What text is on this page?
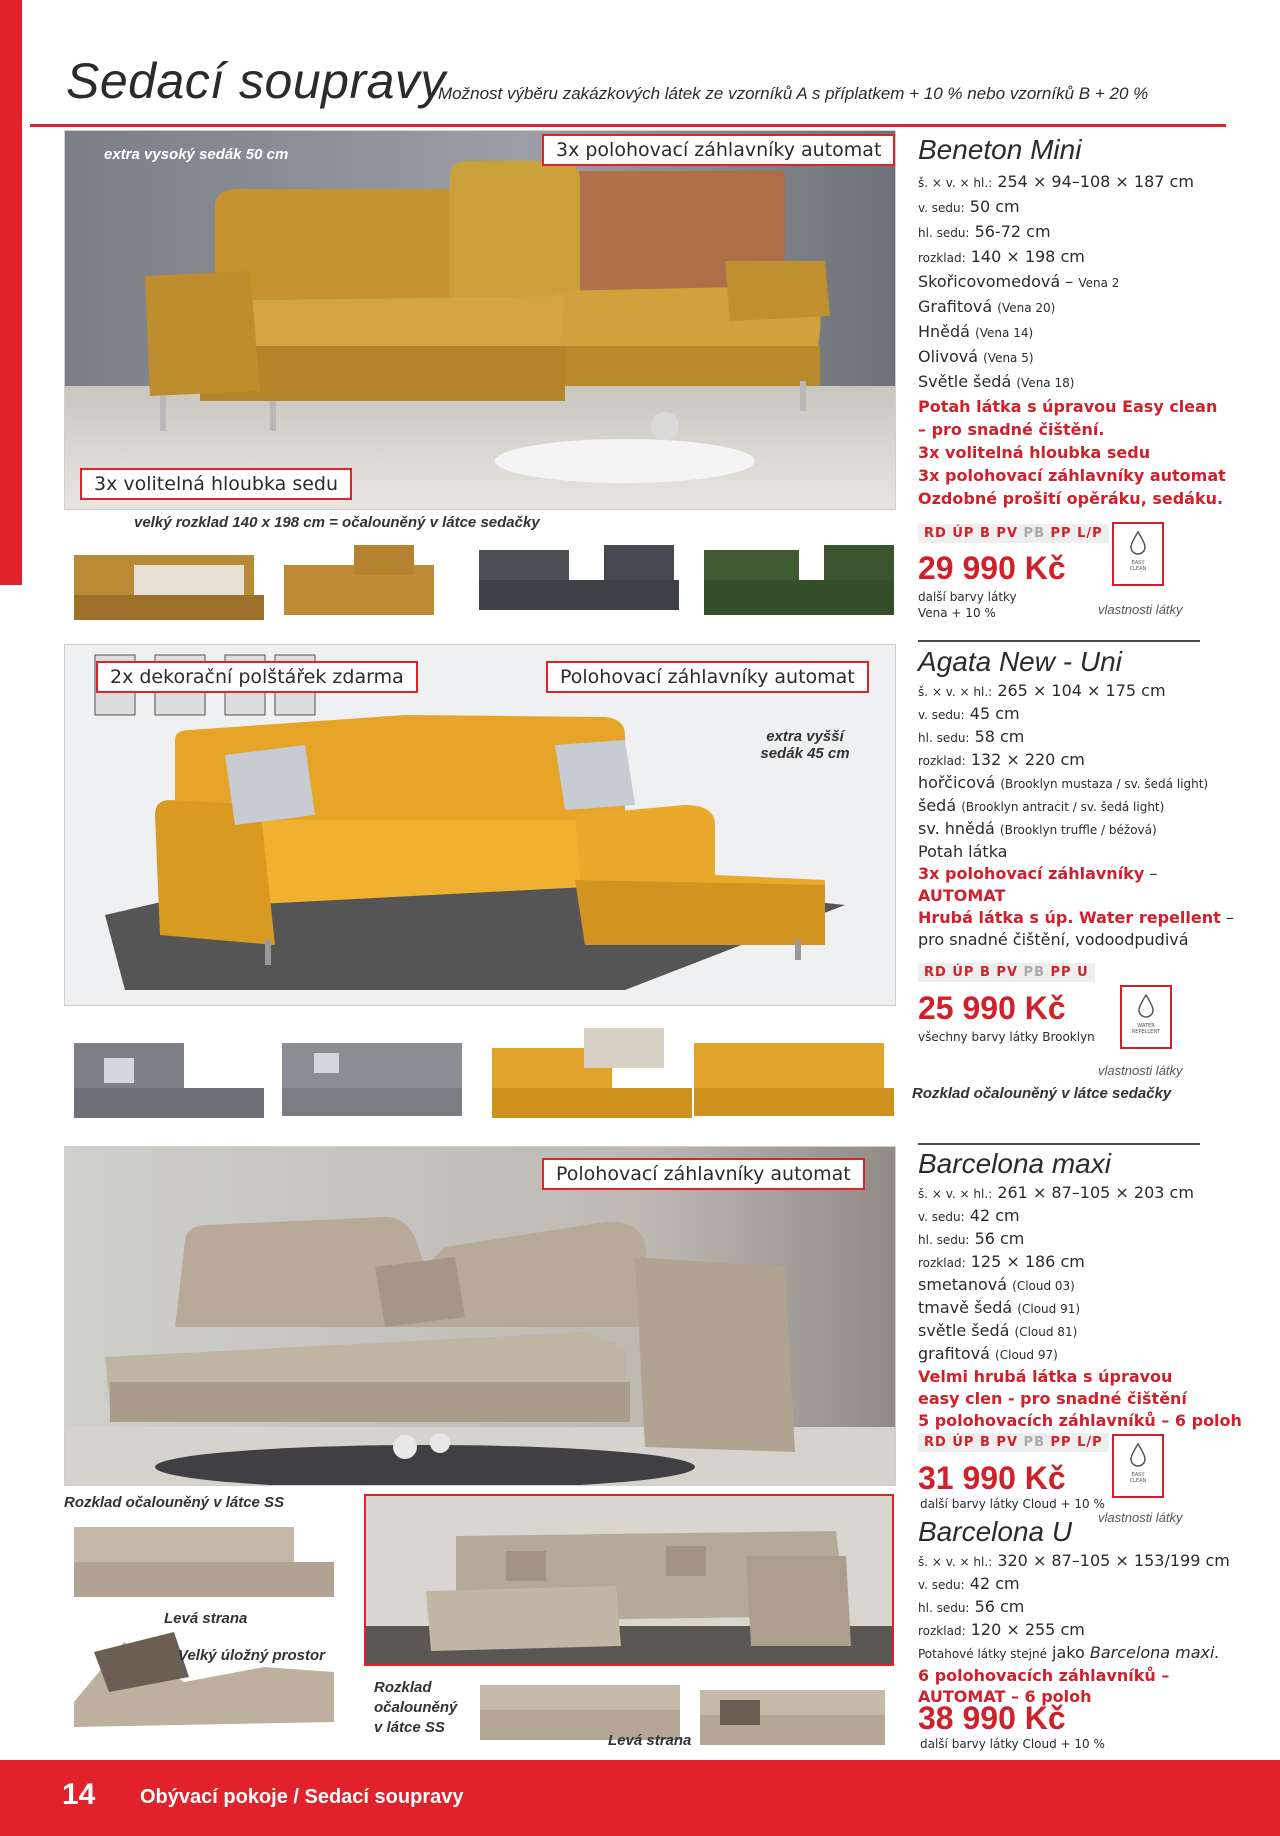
Sedací soupravy
Možnost výběru zakázkových látek ze vzorníků A s příplatkem + 10 % nebo vzorníků B + 20 %
3x polohovací záhlavníky automat
3x volitelná hloubka sedu
extra vysoký sedák 50 cm
velký rozklad 140 x 198 cm = očalouněný v látce sedačky
Beneton Mini
š. × v. × hl.: 254 × 94–108 × 187 cm
v. sedu: 50 cm
hl. sedu: 56-72 cm
rozklad: 140 × 198 cm
Skořicovomedová – Vena 2
Grafitová (Vena 20)
Hnědá (Vena 14)
Olivová (Vena 5)
Světle šedá (Vena 18)
Potah látka s úpravou Easy clean
– pro snadné čištění.
3x volitelná hloubka sedu
3x polohovací záhlavníky automat
Ozdobné prošití opěráku, sedáku.
RD ÚP B PV PB PP L/P
29 990 Kč
další barvy látky
Vena + 10 %
EASY
CLEAN
vlastnosti látky
2x dekorační polštářek zdarma	Polohovací záhlavníky automat
extra vyšší sedák 45 cm
Rozklad očalouněný v látce sedačky
Agata New - Uni
š. × v. × hl.: 265 × 104 × 175 cm
v. sedu: 45 cm
hl. sedu: 58 cm
rozklad: 132 × 220 cm
hořčicová (Brooklyn mustaza / sv. šedá light)
šedá (Brooklyn antracit / sv. šedá light)
sv. hnědá (Brooklyn truffle / béžová)
Potah látka
3x polohovací záhlavníky –
AUTOMAT
Hrubá látka s úp. Water repellent –
pro snadné čištění, vodoodpudivá
RD ÚP B PV PB PP U
25 990 Kč
všechny barvy látky Brooklyn
WATER
REPELLENT
vlastnosti látky
Polohovací záhlavníky automat
Rozklad očalouněný v látce SS
Levá strana
Velký úložný prostor
Rozklad
očalouněný
v látce SS
Levá strana
Barcelona maxi
š. × v. × hl.: 261 × 87–105 × 203 cm
v. sedu: 42 cm
hl. sedu: 56 cm
rozklad: 125 × 186 cm
smetanová (Cloud 03)
tmavě šedá (Cloud 91)
světle šedá (Cloud 81)
grafitová (Cloud 97)
Velmi hrubá látka s úpravou
easy clen - pro snadné čištění
5 polohovacích záhlavníků – 6 poloh
RD ÚP B PV PB PP L/P
31 990 Kč
další barvy látky Cloud + 10 %
EASY
CLEAN
vlastnosti látky
Barcelona U
š. × v. × hl.: 320 × 87–105 × 153/199 cm
v. sedu: 42 cm
hl. sedu: 56 cm
rozklad: 120 × 255 cm
Potahové látky stejné jako Barcelona maxi.
6 polohovacích záhlavníků –
AUTOMAT – 6 poloh
38 990 Kč
další barvy látky Cloud + 10 %
14 Obývací pokoje / Sedací soupravy
